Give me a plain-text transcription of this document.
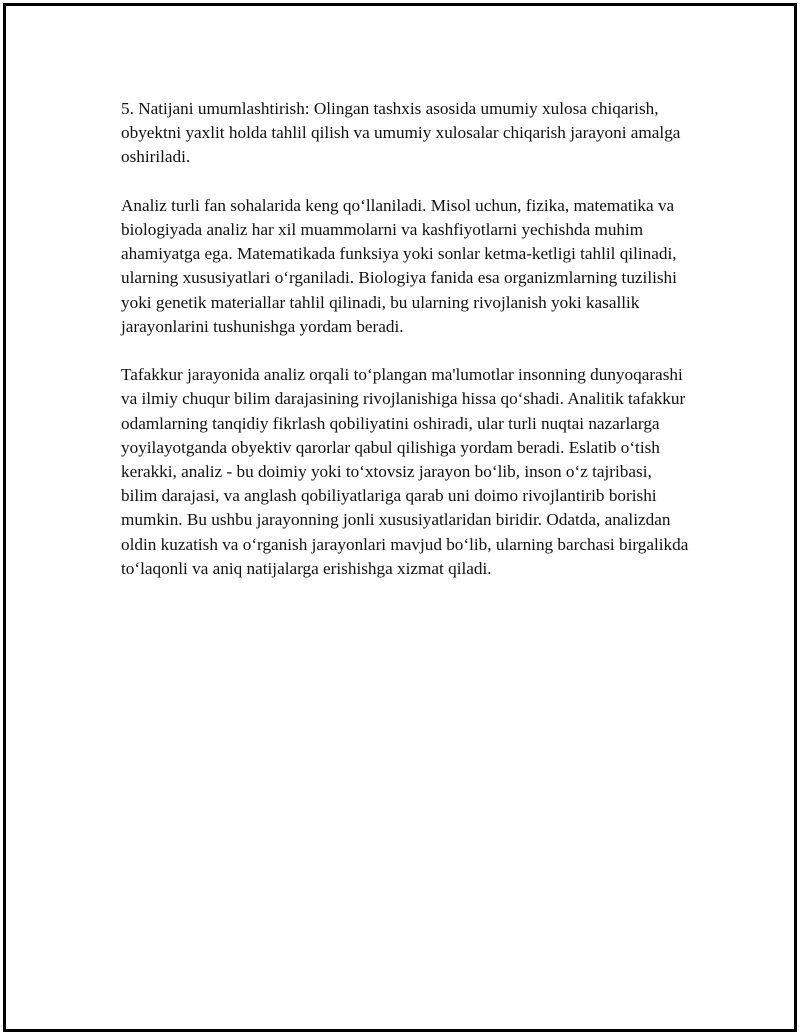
5. Natijani umumlashtirish: Olingan tashxis asosida umumiy xulosa chiqarish, obyektni yaxlit holda tahlil qilish va umumiy xulosalar chiqarish jarayoni amalga oshiriladi.

Analiz turli fan sohalarida keng qo‘llaniladi. Misol uchun, fizika, matematika va biologiyada analiz har xil muammolarni va kashfiyotlarni yechishda muhim ahamiyatga ega. Matematikada funksiya yoki sonlar ketma-ketligi tahlil qilinadi, ularning xususiyatlari o‘rganiladi. Biologiya fanida esa organizmlarning tuzilishi yoki genetik materiallar tahlil qilinadi, bu ularning rivojlanish yoki kasallik jarayonlarini tushunishga yordam beradi.

Tafakkur jarayonida analiz orqali to‘plangan ma'lumotlar insonning dunyoqarashi va ilmiy chuqur bilim darajasining rivojlanishiga hissa qo‘shadi. Analitik tafakkur odamlarning tanqidiy fikrlash qobiliyatini oshiradi, ular turli nuqtai nazarlarga yoyilayotganda obyektiv qarorlar qabul qilishiga yordam beradi. Eslatib o‘tish kerakki, analiz - bu doimiy yoki to‘xtovsiz jarayon bo‘lib, inson o‘z tajribasi, bilim darajasi, va anglash qobiliyatlariga qarab uni doimo rivojlantirib borishi mumkin. Bu ushbu jarayonning jonli xususiyatlaridan biridir. Odatda, analizdan oldin kuzatish va o‘rganish jarayonlari mavjud bo‘lib, ularning barchasi birgalikda to‘laqonli va aniq natijalarga erishishga xizmat qiladi.
